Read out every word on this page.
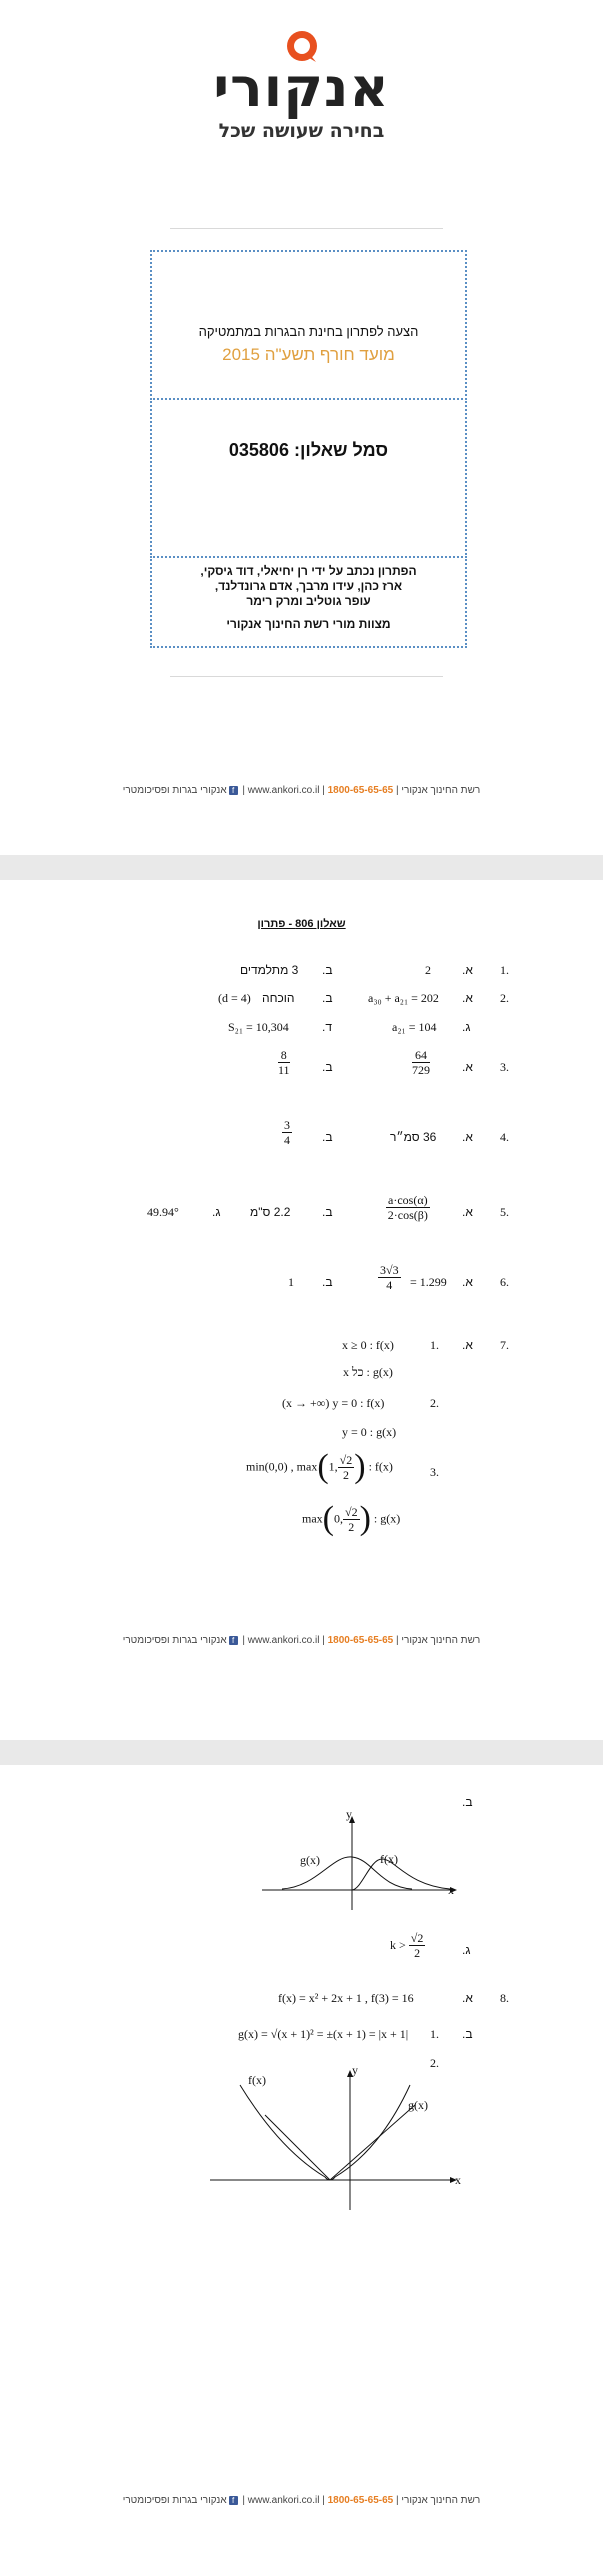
אנקורי
בחירה שעושה שכל
הצעה לפתרון בחינת הבגרות במתמטיקה
מועד חורף תשע"ה 2015
סמל שאלון: 035806
הפתרון נכתב על ידי רן יחיאלי, דוד גיסקי,
ארז כהן, עידו מרבך, אדם גרונדלנד,
עופר גוטליב ומרק רימר
מצוות מורי רשת החינוך אנקורי
רשת החינוך אנקורי | 1800-65-65-65 | www.ankori.co.il | fאנקורי בגרות ופסיכומטרי
שאלון 806 - פתרון
1.
א.
2
ב.
3 מתלמדים
2.
א.
a₃₀ + a₂₁ = 202
ב.
הוכחה
(d = 4)
ג.
a₂₁ = 104
ד.
S₂₁ = 10,304
3.
א.
$\frac{64}{729}$
ב.
$\frac{8}{11}$
4.
א.
36 סמ״ר
ב.
$\frac{3}{4}$
5.
א.
$\frac{a\cdot\cos(\alpha)}{2\cdot\cos(\beta)}$
ב.
2.2 ס"מ
ג.
49.94°
6.
א.
$\frac{3√3}{4} = 1.299$
ב.
1
7.
א.
1.
x ≥ 0 : f(x)
x כל : g(x)
2.
(x → +∞) y = 0 : f(x)
y = 0 : g(x)
3.
min(0,0) , max(1, $\frac{√2}{2}$ ) : f(x)
max(0, $\frac{√2}{2}$ ) : g(x)
רשת החינוך אנקורי | 1800-65-65-65 | www.ankori.co.il | fאנקורי בגרות ופסיכומטרי
ב.
x
y
g(x)	f(x)
ג.
$k > \frac{√2}{2}$
8.
א.
f(x) = x² + 2x + 1 , f(3) = 16
ב.
1.
g(x) = √(x + 1)² = ±(x + 1) = |x + 1|
2.
x
y
f(x)
g(x)
רשת החינוך אנקורי | 1800-65-65-65 | www.ankori.co.il | fאנקורי בגרות ופסיכומטרי
